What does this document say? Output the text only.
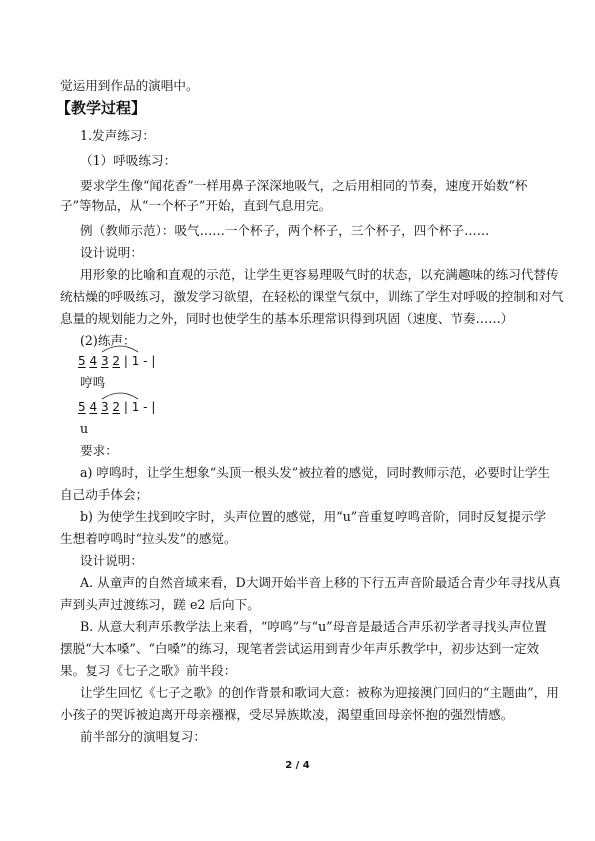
觉运用到作品的演唱中。
【教学过程】
1.发声练习：
（1）呼吸练习：
要求学生像“闻花香”一样用鼻子深深地吸气，之后用相同的节奏，速度开始数“杯
子”等物品，从“一个杯子”开始，直到气息用完。
例（教师示范）：吸气……一个杯子，两个杯子，三个杯子，四个杯子……
设计说明：
用形象的比喻和直观的示范，让学生更容易理吸气时的状态，以充满趣味的练习代替传
统枯燥的呼吸练习，激发学习欲望，在轻松的课堂气氛中，训练了学生对呼吸的控制和对气
息量的规划能力之外，同时也使学生的基本乐理常识得到巩固（速度、节奏……）
(2)练声：
5 4 3 2 | 1 - |
哼鸣
5 4 3 2 | 1 - |
u
要求：
a) 哼鸣时，让学生想象“头顶一根头发”被拉着的感觉，同时教师示范，必要时让学生
自己动手体会；
b) 为使学生找到咬字时，头声位置的感觉，用“u”音重复哼鸣音阶，同时反复提示学
生想着哼鸣时“拉头发”的感觉。
设计说明：
A. 从童声的自然音域来看，D大调开始半音上移的下行五声音阶最适合青少年寻找从真
声到头声过渡练习，蹉 e2 后向下。
B. 从意大利声乐教学法上来看，“哼鸣”与“u”母音是最适合声乐初学者寻找头声位置
摆脱“大本嗓”、“白嗓”的练习，现笔者尝试运用到青少年声乐教学中，初步达到一定效
果。复习《七子之歌》前半段：
让学生回忆《七子之歌》的创作背景和歌词大意：被称为迎接澳门回归的“主题曲”，用
小孩子的哭诉被迫离开母亲襁褓，受尽异族欺凌，渴望重回母亲怀抱的强烈情感。
前半部分的演唱复习：
2 / 4
